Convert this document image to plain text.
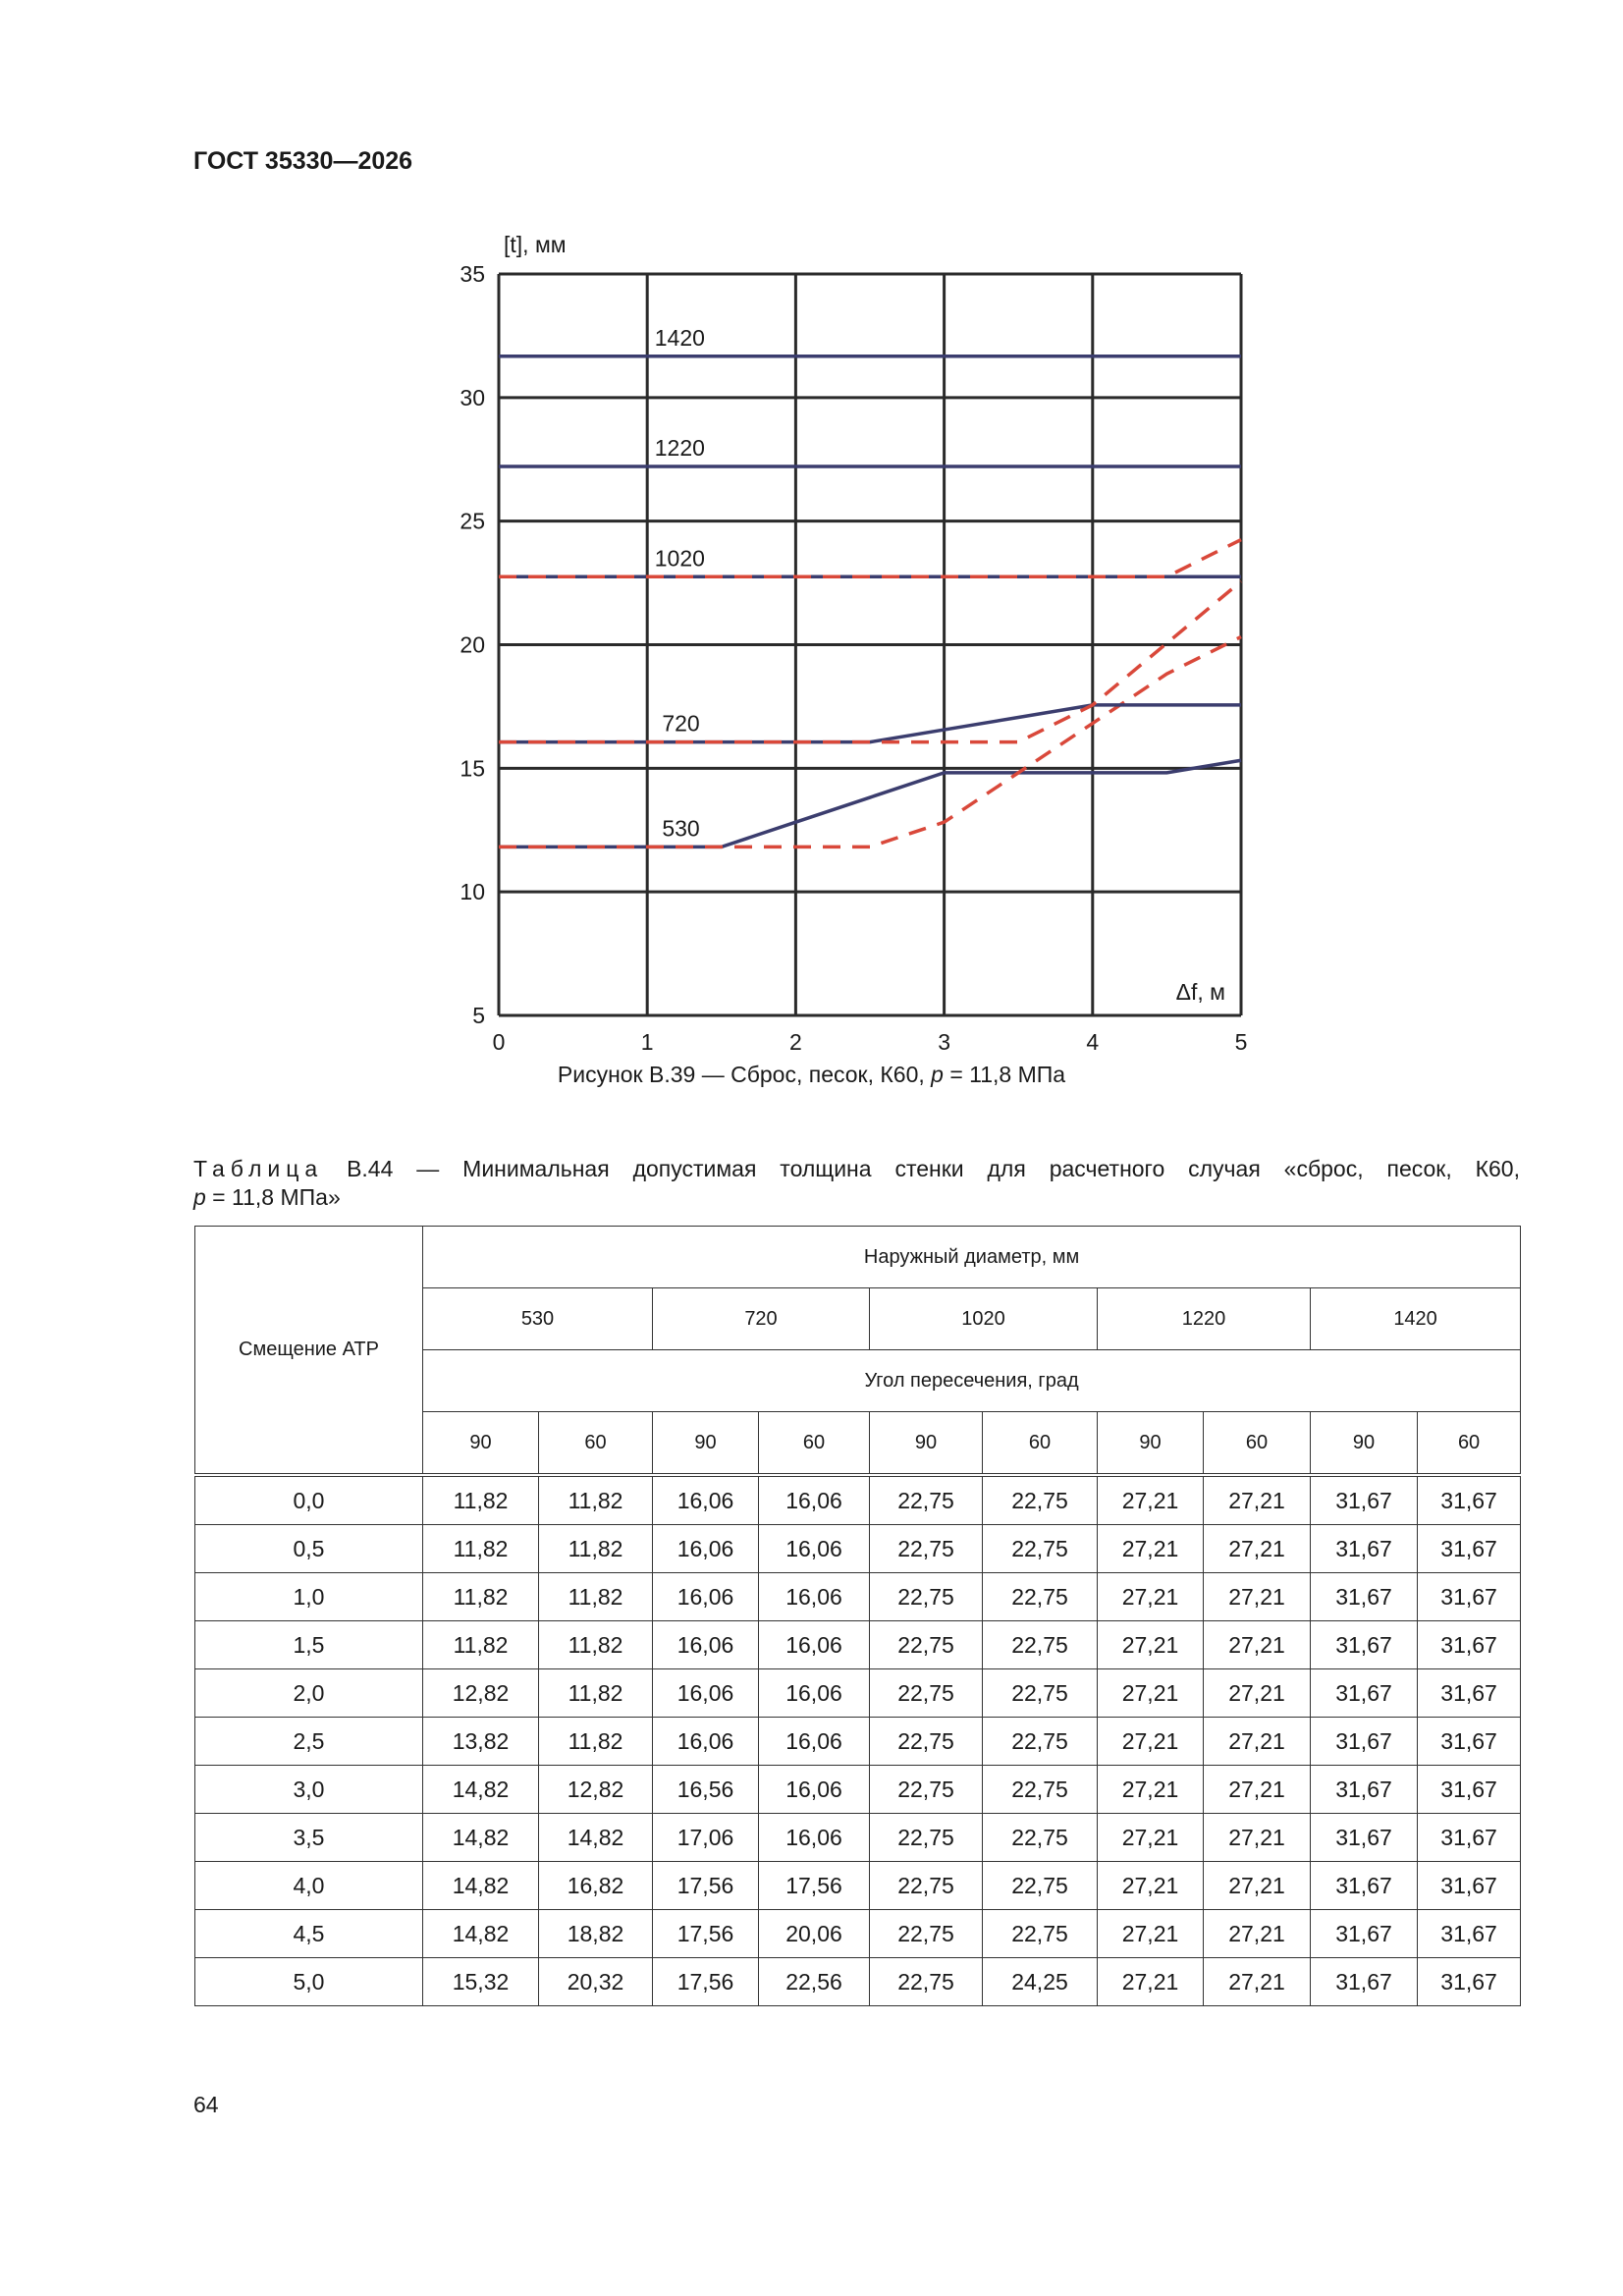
ГОСТ 35330—2026
0	1	2	3	4	5
5
10
15
20
25
30
35
1420
1220
1020
720
530
[t], мм
Δf, м
Рисунок В.39 — Сброс, песок, К60, p = 11,8 МПа
Таблица В.44 — Минимальная допустимая толщина стенки для расчетного случая «сброс, песок, К60,
p = 11,8 МПа»
Смещение АТР	Наружный диаметр, мм									
	530		720		1020		1220		1420	
	Угол пересечения, град									
	90	60	90	60	90	60	90	60	90	60
0,0	11,82	11,82	16,06	16,06	22,75	22,75	27,21	27,21	31,67	31,67
0,5	11,82	11,82	16,06	16,06	22,75	22,75	27,21	27,21	31,67	31,67
1,0	11,82	11,82	16,06	16,06	22,75	22,75	27,21	27,21	31,67	31,67
1,5	11,82	11,82	16,06	16,06	22,75	22,75	27,21	27,21	31,67	31,67
2,0	12,82	11,82	16,06	16,06	22,75	22,75	27,21	27,21	31,67	31,67
2,5	13,82	11,82	16,06	16,06	22,75	22,75	27,21	27,21	31,67	31,67
3,0	14,82	12,82	16,56	16,06	22,75	22,75	27,21	27,21	31,67	31,67
3,5	14,82	14,82	17,06	16,06	22,75	22,75	27,21	27,21	31,67	31,67
4,0	14,82	16,82	17,56	17,56	22,75	22,75	27,21	27,21	31,67	31,67
4,5	14,82	18,82	17,56	20,06	22,75	22,75	27,21	27,21	31,67	31,67
5,0	15,32	20,32	17,56	22,56	22,75	24,25	27,21	27,21	31,67	31,67
64
